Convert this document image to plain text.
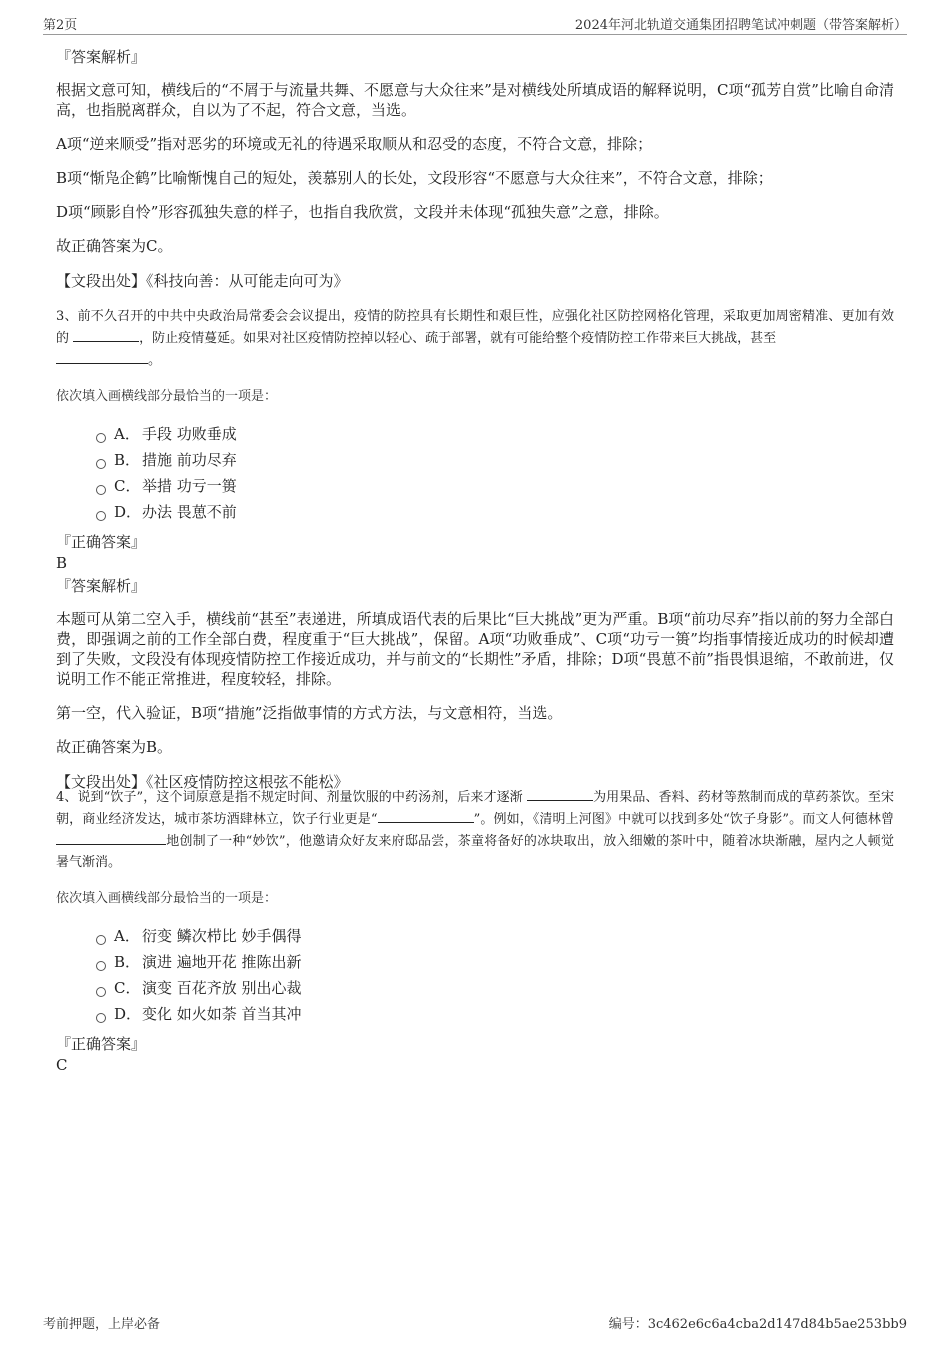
第2页	2024年河北轨道交通集团招聘笔试冲刺题（带答案解析）

『答案解析』

根据文意可知，横线后的“不屑于与流量共舞、不愿意与大众往来”是对横线处所填成语的解释说明，C项“孤芳自赏”比喻自命清高，也指脱离群众，自以为了不起，符合文意，当选。

A项“逆来顺受”指对恶劣的环境或无礼的待遇采取顺从和忍受的态度，不符合文意，排除；

B项“惭凫企鹤”比喻惭愧自己的短处，羡慕别人的长处，文段形容“不愿意与大众往来”，不符合文意，排除；

D项“顾影自怜”形容孤独失意的样子，也指自我欣赏，文段并未体现“孤独失意”之意，排除。

故正确答案为C。

【文段出处】《科技向善：从可能走向可为》

3、前不久召开的中共中央政治局常委会会议提出，疫情的防控具有长期性和艰巨性，应强化社区防控网格化管理，采取更加周密精准、更加有效的	，防止疫情蔓延。如果对社区疫情防控掉以轻心、疏于部署，就有可能给整个疫情防控工作带来巨大挑战，甚至
。

依次填入画横线部分最恰当的一项是：

A． 手段 功败垂成
B． 措施 前功尽弃
C． 举措 功亏一篑
D．办法 畏葸不前

『正确答案』

B

『答案解析』

本题可从第二空入手，横线前“甚至”表递进，所填成语代表的后果比“巨大挑战”更为严重。B项“前功尽弃”指以前的努力全部白费，即强调之前的工作全部白费，程度重于“巨大挑战”，保留。A项“功败垂成”、C项“功亏一篑”均指事情接近成功的时候却遭到了失败，文段没有体现疫情防控工作接近成功，并与前文的“长期性”矛盾，排除；D项“畏葸不前”指畏惧退缩，不敢前进，仅说明工作不能正常推进，程度较轻，排除。

第一空，代入验证，B项“措施”泛指做事情的方式方法，与文意相符，当选。

故正确答案为B。

【文段出处】《社区疫情防控这根弦不能松》

4、说到“饮子”，这个词原意是指不规定时间、剂量饮服的中药汤剂，后来才逐渐	为用果品、香料、药材等熬制而成的草药茶饮。至宋朝，商业经济发达，城市茶坊酒肆林立，饮子行业更是“	”。例如，《清明上河图》中就可以找到多处“饮子身影”。而文人何德林曾地创制了一种“妙饮”，他邀请众好友来府邸品尝，茶童将备好的冰块取出，放入细嫩的茶叶中，随着冰块渐融，屋内之人顿觉暑气渐消。

依次填入画横线部分最恰当的一项是：

A． 衍变 鳞次栉比 妙手偶得
B． 演进 遍地开花 推陈出新
C． 演变 百花齐放 别出心裁
D．变化 如火如荼 首当其冲

『正确答案』

C

考前押题，上岸必备	编号：3c462e6c6a4cba2d147d84b5ae253bb9
